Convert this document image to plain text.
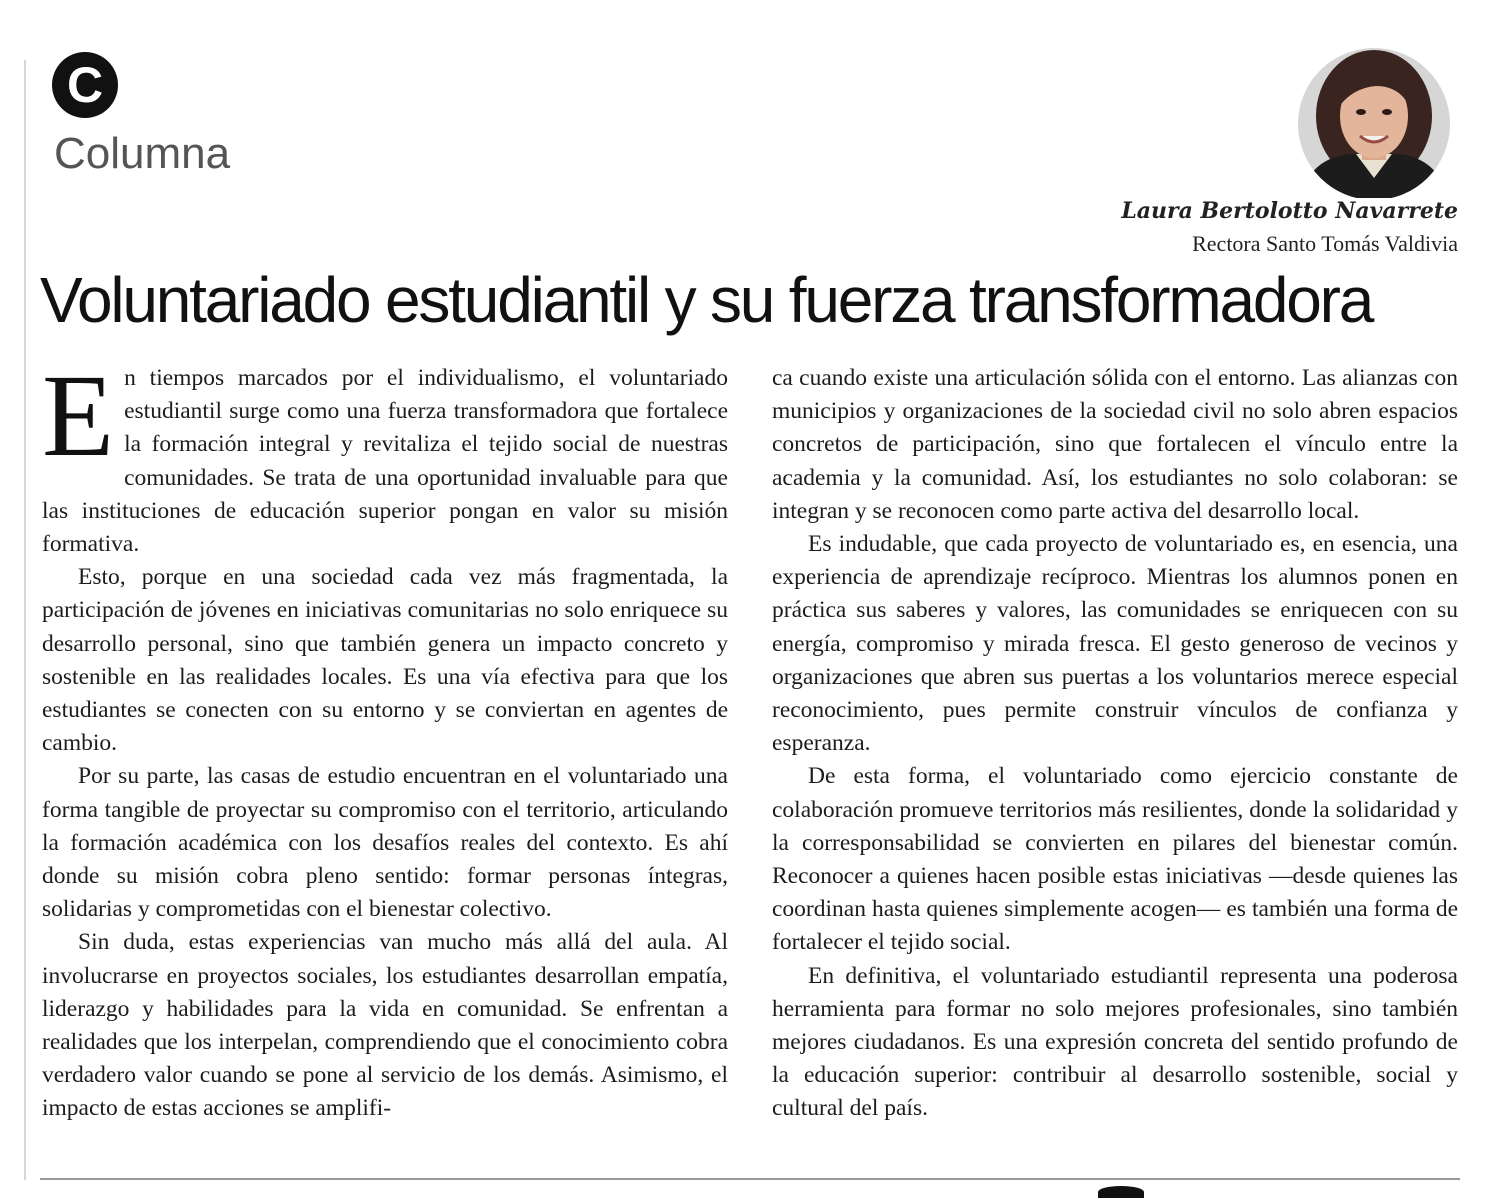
C
Columna
Laura Bertolotto Navarrete
Rectora Santo Tomás Valdivia
Voluntariado estudiantil y su fuerza transformadora

En tiempos marcados por el individualismo, el voluntariado estudiantil surge como una fuerza transformadora que fortalece la formación integral y revitaliza el tejido social de nuestras comunidades. Se trata de una oportunidad invaluable para que las instituciones de educación superior pongan en valor su misión formativa.

Esto, porque en una sociedad cada vez más fragmentada, la participación de jóvenes en iniciativas comunitarias no solo enriquece su desarrollo personal, sino que también genera un impacto concreto y sostenible en las realidades locales. Es una vía efectiva para que los estudiantes se conecten con su entorno y se conviertan en agentes de cambio.

Por su parte, las casas de estudio encuentran en el voluntariado una forma tangible de proyectar su compromiso con el territorio, articulando la formación académica con los desafíos reales del contexto. Es ahí donde su misión cobra pleno sentido: formar personas íntegras, solidarias y comprometidas con el bienestar colectivo.

Sin duda, estas experiencias van mucho más allá del aula. Al involucrarse en proyectos sociales, los estudiantes desarrollan empatía, liderazgo y habilidades para la vida en comunidad. Se enfrentan a realidades que los interpelan, comprendiendo que el conocimiento cobra verdadero valor cuando se pone al servicio de los demás. Asimismo, el impacto de estas acciones se amplifi-

ca cuando existe una articulación sólida con el entorno. Las alianzas con municipios y organizaciones de la sociedad civil no solo abren espacios concretos de participación, sino que fortalecen el vínculo entre la academia y la comunidad. Así, los estudiantes no solo colaboran: se integran y se reconocen como parte activa del desarrollo local.

Es indudable, que cada proyecto de voluntariado es, en esencia, una experiencia de aprendizaje recíproco. Mientras los alumnos ponen en práctica sus saberes y valores, las comunidades se enriquecen con su energía, compromiso y mirada fresca. El gesto generoso de vecinos y organizaciones que abren sus puertas a los voluntarios merece especial reconocimiento, pues permite construir vínculos de confianza y esperanza.

De esta forma, el voluntariado como ejercicio constante de colaboración promueve territorios más resilientes, donde la solidaridad y la corresponsabilidad se convierten en pilares del bienestar común. Reconocer a quienes hacen posible estas iniciativas —desde quienes las coordinan hasta quienes simplemente acogen— es también una forma de fortalecer el tejido social.

En definitiva, el voluntariado estudiantil representa una poderosa herramienta para formar no solo mejores profesionales, sino también mejores ciudadanos. Es una expresión concreta del sentido profundo de la educación superior: contribuir al desarrollo sostenible, social y cultural del país.
